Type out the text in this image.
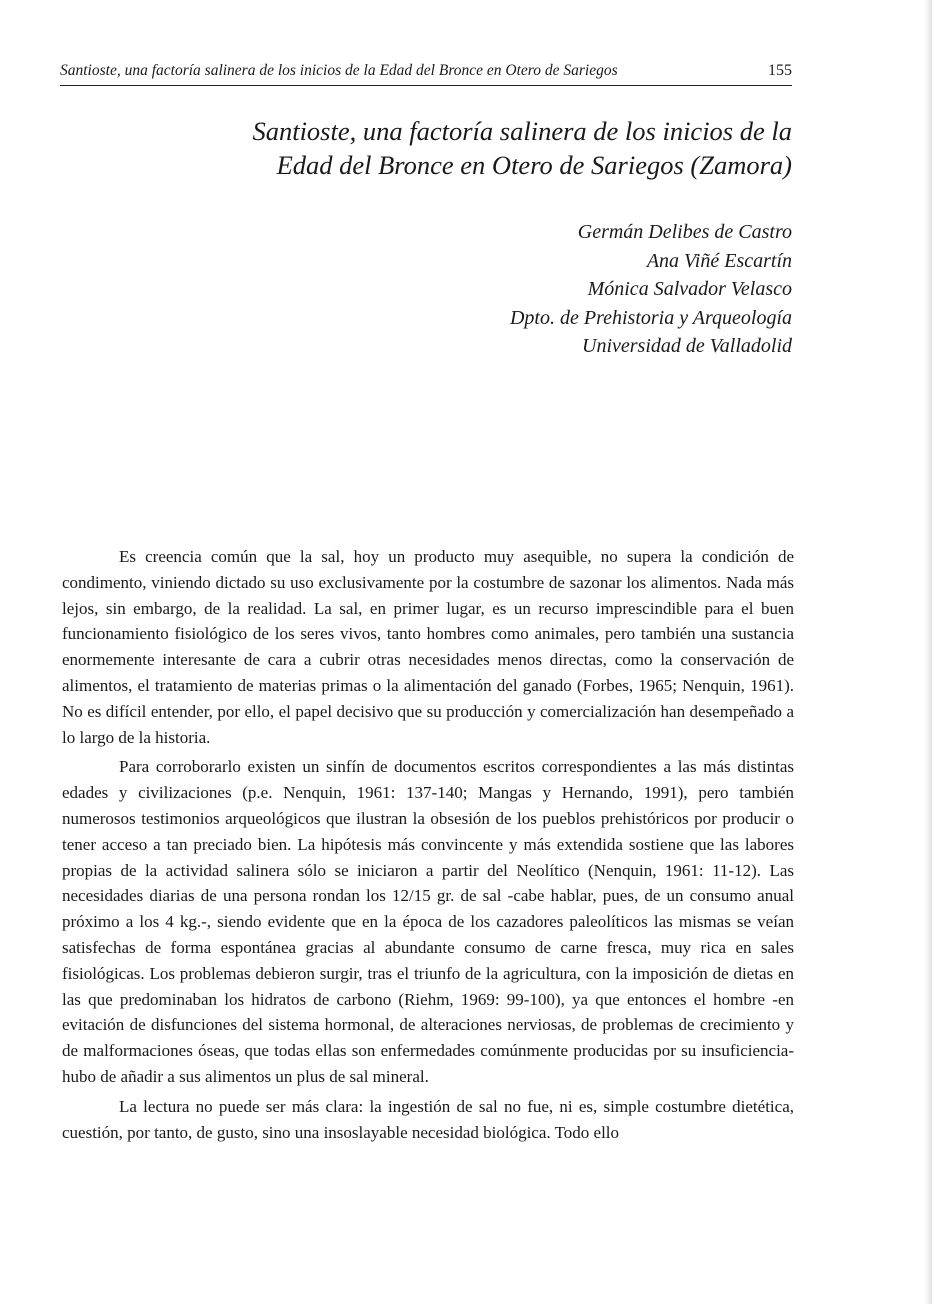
Santioste, una factoría salinera de los inicios de la Edad del Bronce en Otero de Sariegos	155
Santioste, una factoría salinera de los inicios de la
Edad del Bronce en Otero de Sariegos (Zamora)
Germán Delibes de Castro
Ana Viñé Escartín
Mónica Salvador Velasco
Dpto. de Prehistoria y Arqueología
Universidad de Valladolid

Es creencia común que la sal, hoy un producto muy asequible, no supera la condición de condimento, viniendo dictado su uso exclusivamente por la costumbre de sazonar los alimentos. Nada más lejos, sin embargo, de la realidad. La sal, en primer lugar, es un recurso imprescindible para el buen funcionamiento fisiológico de los seres vivos, tanto hombres como animales, pero también una sustancia enormemente interesante de cara a cubrir otras necesidades menos directas, como la conservación de alimentos, el tratamiento de materias primas o la alimentación del ganado (Forbes, 1965; Nenquin, 1961). No es difícil entender, por ello, el papel decisivo que su producción y comercialización han desempeñado a lo largo de la historia.

Para corroborarlo existen un sinfín de documentos escritos correspondientes a las más distintas edades y civilizaciones (p.e. Nenquin, 1961: 137-140; Mangas y Hernando, 1991), pero también numerosos testimonios arqueológicos que ilustran la obsesión de los pueblos prehistóricos por producir o tener acceso a tan preciado bien. La hipótesis más convincente y más extendida sostiene que las labores propias de la actividad salinera sólo se iniciaron a partir del Neolítico (Nenquin, 1961: 11-12). Las necesidades diarias de una persona rondan los 12/15 gr. de sal -cabe hablar, pues, de un consumo anual próximo a los 4 kg.-, siendo evidente que en la época de los cazadores paleolíticos las mismas se veían satisfechas de forma espontánea gracias al abundante consumo de carne fresca, muy rica en sales fisiológicas. Los problemas debieron surgir, tras el triunfo de la agricultura, con la imposición de dietas en las que predominaban los hidratos de carbono (Riehm, 1969: 99-100), ya que entonces el hombre -en evitación de disfunciones del sistema hormonal, de alteraciones nerviosas, de problemas de crecimiento y de malformaciones óseas, que todas ellas son enfermedades comúnmente producidas por su insuficiencia- hubo de añadir a sus alimentos un plus de sal mineral.

La lectura no puede ser más clara: la ingestión de sal no fue, ni es, simple costumbre dietética, cuestión, por tanto, de gusto, sino una insoslayable necesidad biológica. Todo ello
